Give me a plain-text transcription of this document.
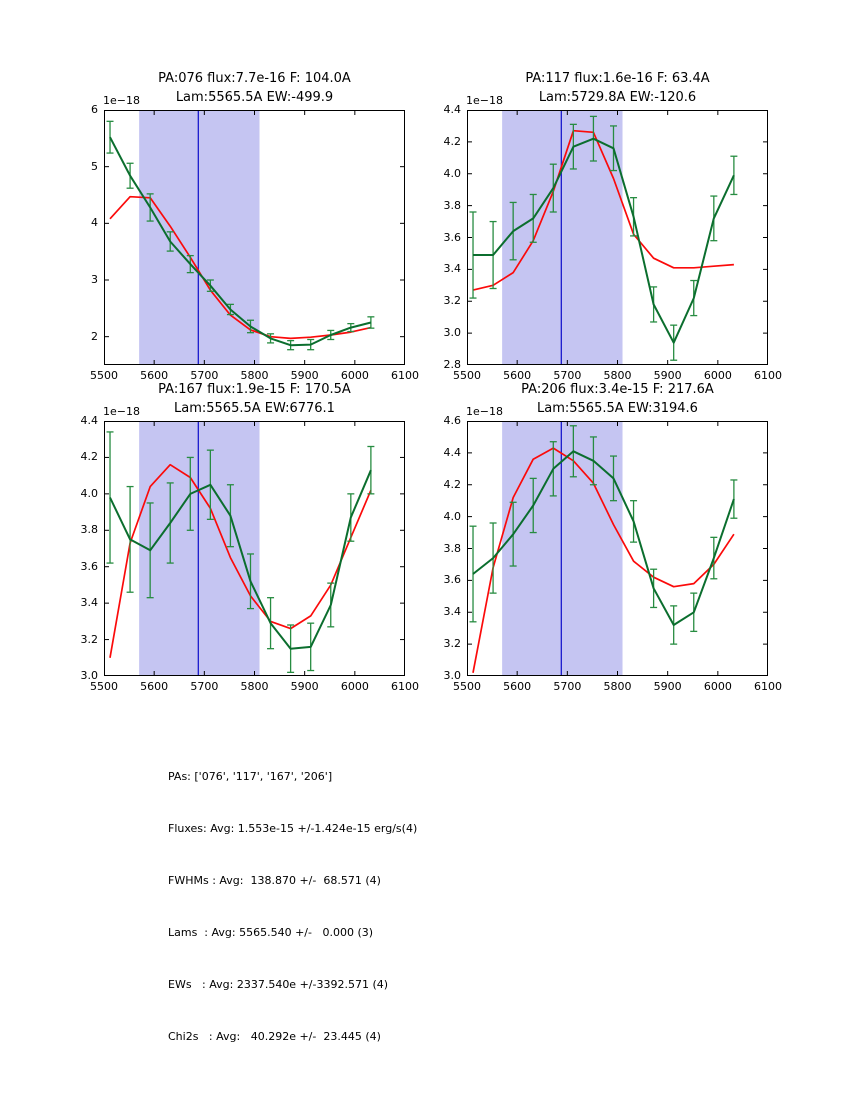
PA:076 flux:7.7e-16 F: 104.0A
Lam:5565.5A EW:-499.9
PA:117 flux:1.6e-16 F: 63.4A
Lam:5729.8A EW:-120.6
PA:167 flux:1.9e-15 F: 170.5A
Lam:5565.5A EW:6776.1
PA:206 flux:3.4e-15 F: 217.6A
Lam:5565.5A EW:3194.6
1e−18	1e−18
1e−18	1e−18

PAs: ['076', '117', '167', '206']

Fluxes: Avg: 1.553e-15 +/-1.424e-15 erg/s(4)

FWHMs : Avg:  138.870 +/-  68.571 (4)

Lams  : Avg: 5565.540 +/-   0.000 (3)

EWs   : Avg: 2337.540e +/-3392.571 (4)

Chi2s   : Avg:   40.292e +/-  23.445 (4)

5500	5600	5700	5800	5900	6000	6100
2
3
4
5
6
5500	5600	5700	5800	5900	6000	6100
2.8
3.0
3.2
3.4
3.6
3.8
4.0
4.2
4.4
5500	5600	5700	5800	5900	6000	6100
3.0
3.2
3.4
3.6
3.8
4.0
4.2
4.4
5500	5600	5700	5800	5900	6000	6100
3.0
3.2
3.4
3.6
3.8
4.0
4.2
4.4
4.6
